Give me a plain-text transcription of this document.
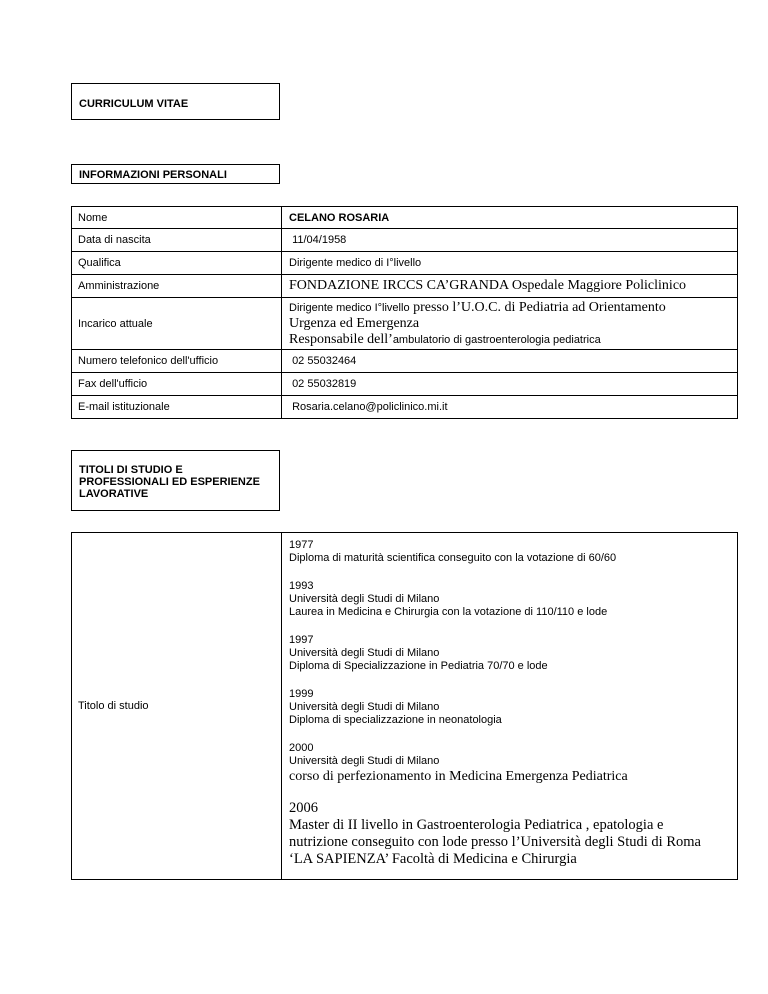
CURRICULUM VITAE
INFORMAZIONI PERSONALI
Nome	CELANO ROSARIA
Data di nascita	11/04/1958
Qualifica	Dirigente medico di I°livello
Amministrazione	FONDAZIONE IRCCS CA’GRANDA Ospedale Maggiore Policlinico
Incarico attuale	Dirigente medico I°livello presso l’U.O.C. di Pediatria ad Orientamento
Urgenza ed Emergenza
Responsabile dell’ambulatorio di gastroenterologia pediatrica

Numero telefonico dell'ufficio	02 55032464
Fax dell'ufficio	02 55032819
E-mail istituzionale	Rosaria.celano@policlinico.mi.it
TITOLI DI STUDIO E PROFESSIONALI ED ESPERIENZE LAVORATIVE
Titolo di studio	
1977
Diploma di maturità scientifica conseguito con la votazione di 60/60
1993
Università degli Studi di Milano
Laurea in Medicina e Chirurgia con la votazione di 110/110 e lode
1997
Università degli Studi di Milano
Diploma di Specializzazione in Pediatria 70/70 e lode
1999
Università degli Studi di Milano
Diploma di specializzazione in neonatologia
2000
Università degli Studi di Milano
corso di perfezionamento in Medicina Emergenza Pediatrica
2006
Master di II livello in Gastroenterologia Pediatrica , epatologia e
nutrizione conseguito con lode presso l’Università degli Studi di Roma
‘LA SAPIENZA’ Facoltà di Medicina e Chirurgia
